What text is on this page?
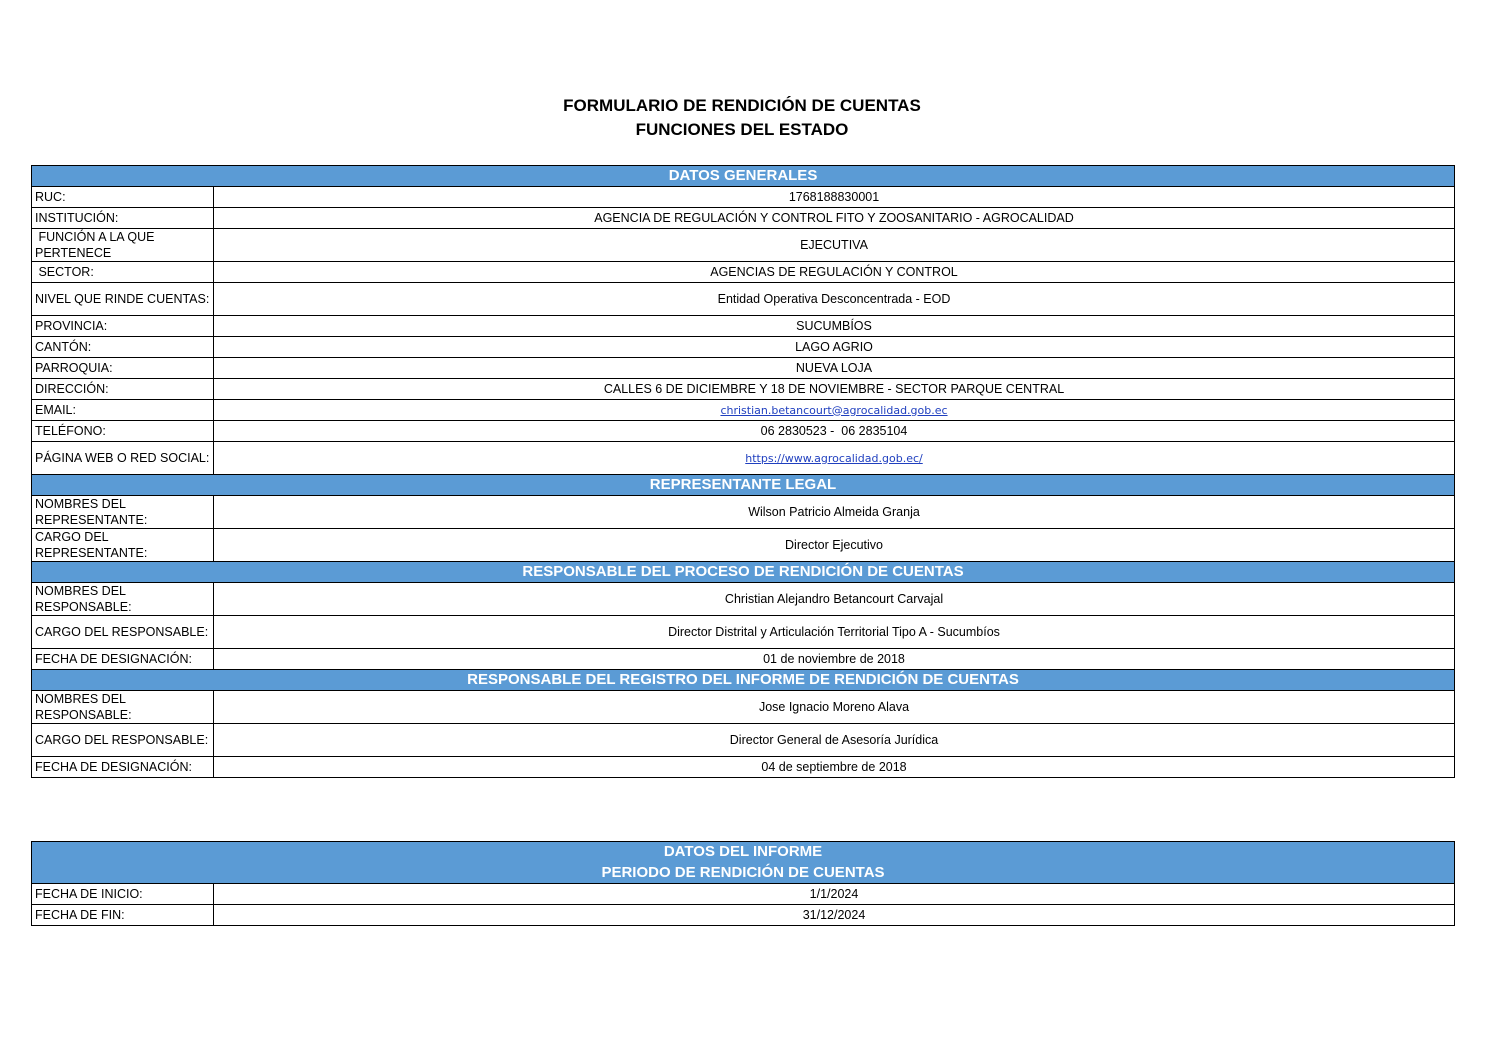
FORMULARIO DE RENDICIÓN DE CUENTAS
FUNCIONES DEL ESTADO
DATOS GENERALES	
RUC:	1768188830001
INSTITUCIÓN:	AGENCIA DE REGULACIÓN Y CONTROL FITO Y ZOOSANITARIO - AGROCALIDAD
FUNCIÓN A LA QUE PERTENECE	EJECUTIVA
SECTOR:	AGENCIAS DE REGULACIÓN Y CONTROL
NIVEL QUE RINDE CUENTAS:	Entidad Operativa Desconcentrada - EOD
PROVINCIA:	SUCUMBÍOS
CANTÓN:	LAGO AGRIO
PARROQUIA:	NUEVA LOJA
DIRECCIÓN:	CALLES 6 DE DICIEMBRE Y 18 DE NOVIEMBRE - SECTOR PARQUE CENTRAL
EMAIL:	christian.betancourt@agrocalidad.gob.ec
TELÉFONO:	06 2830523 -  06 2835104
PÁGINA WEB O RED SOCIAL:	https://www.agrocalidad.gob.ec/
REPRESENTANTE LEGAL	
NOMBRES DEL REPRESENTANTE:	Wilson Patricio Almeida Granja
CARGO DEL REPRESENTANTE:	Director Ejecutivo
RESPONSABLE DEL PROCESO DE RENDICIÓN DE CUENTAS	
NOMBRES DEL RESPONSABLE:	Christian Alejandro Betancourt Carvajal
CARGO DEL RESPONSABLE:	Director Distrital y Articulación Territorial Tipo A - Sucumbíos
FECHA DE DESIGNACIÓN:	01 de noviembre de 2018
RESPONSABLE DEL REGISTRO DEL INFORME DE RENDICIÓN DE CUENTAS	
NOMBRES DEL RESPONSABLE:	Jose Ignacio Moreno Alava
CARGO DEL RESPONSABLE:	Director General de Asesoría Jurídica
FECHA DE DESIGNACIÓN:	04 de septiembre de 2018
DATOS DEL INFORME	
PERIODO DE RENDICIÓN DE CUENTAS	
FECHA DE INICIO:	1/1/2024
FECHA DE FIN:	31/12/2024
